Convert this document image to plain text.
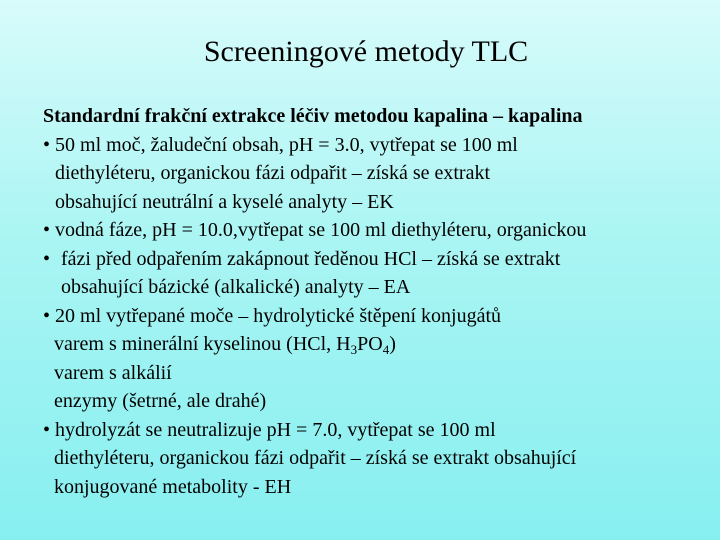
Screeningové metody TLC
Standardní frakční extrakce léčiv metodou kapalina – kapalina
• 50 ml moč, žaludeční obsah, pH = 3.0, vytřepat se 100 ml
diethyléteru, organickou fázi odpařit – získá se extrakt
obsahující neutrální a kyselé analyty – EK
• vodná fáze, pH = 10.0,vytřepat se 100 ml diethyléteru, organickou
• fázi před odpařením zakápnout ředěnou HCl – získá se extrakt
obsahující bázické (alkalické) analyty – EA
• 20 ml vytřepané moče – hydrolytické štěpení konjugátů
varem s minerální kyselinou (HCl, $H_3PO_4$)
varem s alkálií
enzymy (šetrné, ale drahé)
• hydrolyzát se neutralizuje pH = 7.0, vytřepat se 100 ml
diethyléteru, organickou fázi odpařit – získá se extrakt obsahující
konjugované metabolity - EH
